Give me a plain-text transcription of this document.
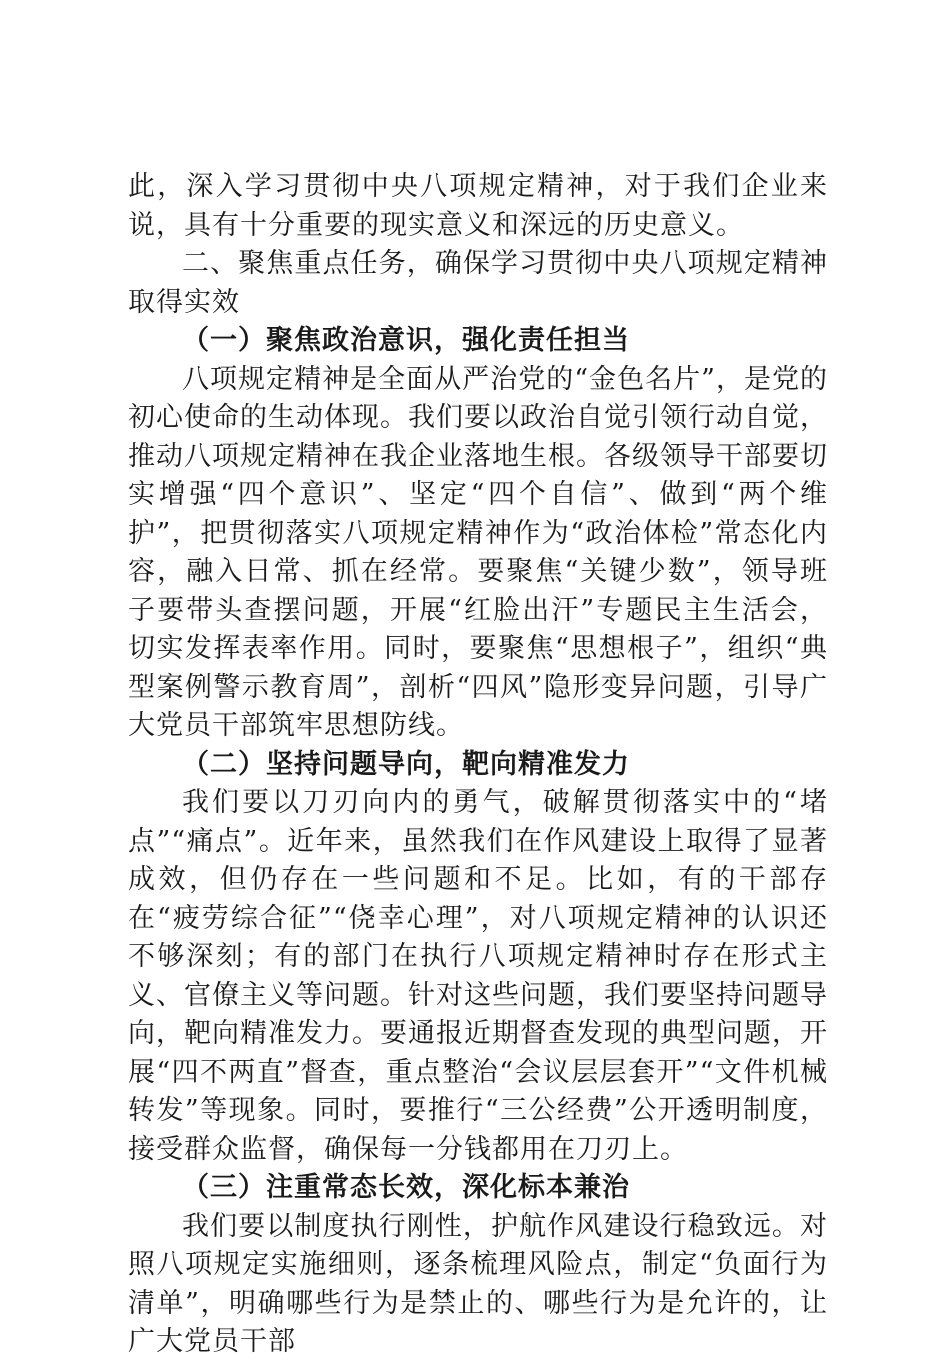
此，深入学习贯彻中央八项规定精神，对于我们企业来说，具有十分重要的现实意义和深远的历史意义。

二、聚焦重点任务，确保学习贯彻中央八项规定精神取得实效

（一）聚焦政治意识，强化责任担当

八项规定精神是全面从严治党的“金色名片”，是党的初心使命的生动体现。我们要以政治自觉引领行动自觉，推动八项规定精神在我企业落地生根。各级领导干部要切实增强“四个意识”、坚定“四个自信”、做到“两个维护”，把贯彻落实八项规定精神作为“政治体检”常态化内容，融入日常、抓在经常。要聚焦“关键少数”，领导班子要带头查摆问题，开展“红脸出汗”专题民主生活会，切实发挥表率作用。同时，要聚焦“思想根子”，组织“典型案例警示教育周”，剖析“四风”隐形变异问题，引导广大党员干部筑牢思想防线。

（二）坚持问题导向，靶向精准发力

我们要以刀刃向内的勇气，破解贯彻落实中的“堵点”“痛点”。近年来，虽然我们在作风建设上取得了显著成效，但仍存在一些问题和不足。比如，有的干部存在“疲劳综合征”“侥幸心理”，对八项规定精神的认识还不够深刻；有的部门在执行八项规定精神时存在形式主义、官僚主义等问题。针对这些问题，我们要坚持问题导向，靶向精准发力。要通报近期督查发现的典型问题，开展“四不两直”督查，重点整治“会议层层套开”“文件机械转发”等现象。同时，要推行“三公经费”公开透明制度，接受群众监督，确保每一分钱都用在刀刃上。

（三）注重常态长效，深化标本兼治

我们要以制度执行刚性，护航作风建设行稳致远。对照八项规定实施细则，逐条梳理风险点，制定“负面行为清单”，明确哪些行为是禁止的、哪些行为是允许的，让广大党员干部
